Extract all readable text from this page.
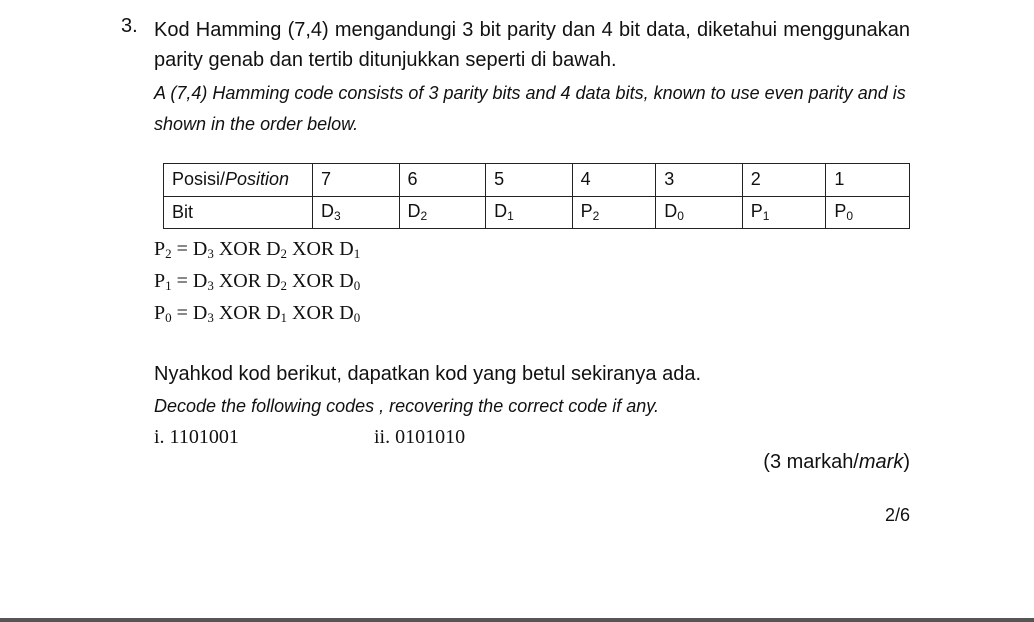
3. Kod Hamming (7,4) mengandungi 3 bit parity dan 4 bit data, diketahui menggunakan parity genab dan tertib ditunjukkan seperti di bawah.
A (7,4) Hamming code consists of 3 parity bits and 4 data bits, known to use even parity and is shown in the order below.
Posisi/Position	7	6	5	4	3	2	1
Bit	$D_3$	$D_2$	$D_1$	$P_2$	$D_0$	$P_1$	$P_0$
P2 = D3 XOR D2 XOR D1
P1 = D3 XOR D2 XOR D0
P0 = D3 XOR D1 XOR D0
Nyahkod kod berikut, dapatkan kod yang betul sekiranya ada.
Decode the following codes , recovering the correct code if any.
i. 1101001	ii. 0101010
(3 markah/mark)
2/6
